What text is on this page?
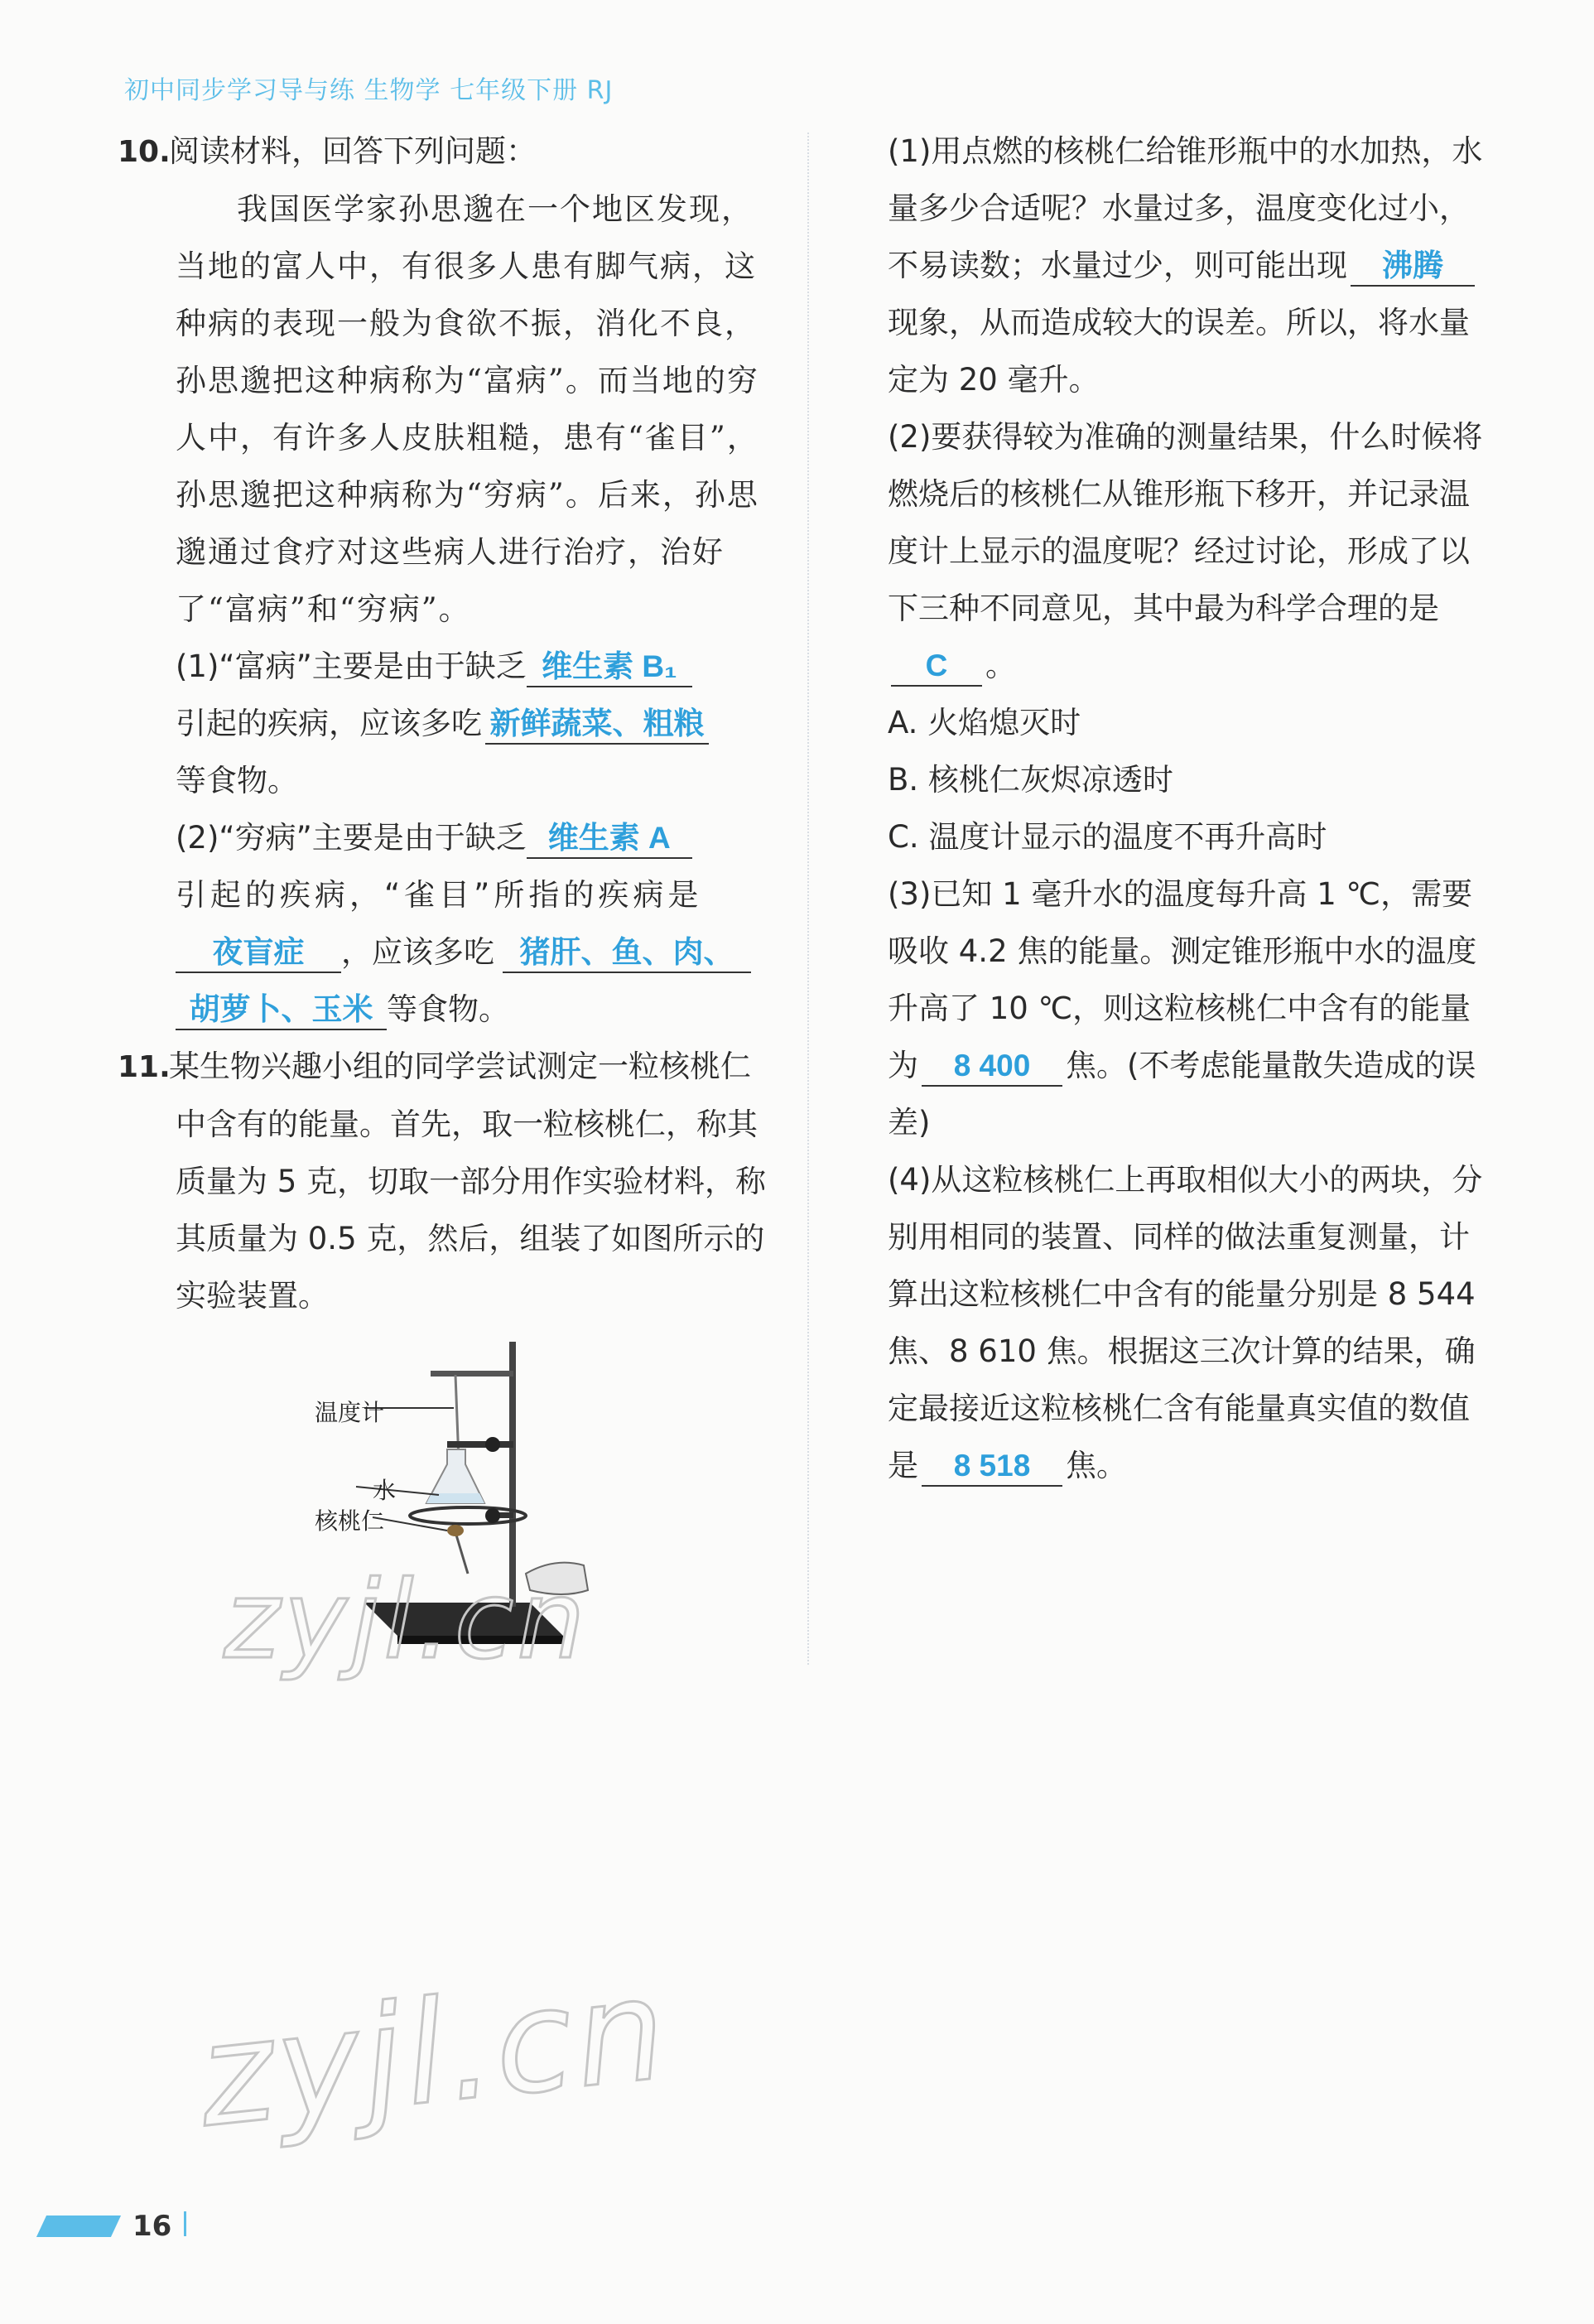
初中同步学习导与练 生物学 七年级下册 RJ

10.阅读材料，回答下列问题：

我国医学家孙思邈在一个地区发现，当地的富人中，有很多人患有脚气病，这种病的表现一般为食欲不振，消化不良，孙思邈把这种病称为“富病”。而当地的穷人中，有许多人皮肤粗糙，患有“雀目”，孙思邈把这种病称为“穷病”。后来，孙思邈通过食疗对这些病人进行治疗，治好了“富病”和“穷病”。

(1)“富病”主要是由于缺乏 维生素 B₁
引起的疾病，应该多吃 新鲜蔬菜、粗粮
等食物。

(2)“穷病”主要是由于缺乏 维生素 A
引起的疾病，“雀目”所指的疾病是
夜盲症 ，应该多吃 猪肝、鱼、肉、
胡萝卜、玉米 等食物。

11.某生物兴趣小组的同学尝试测定一粒核桃仁中含有的能量。首先，取一粒核桃仁，称其质量为 5 克，切取一部分用作实验材料，称其质量为 0.5 克，然后，组装了如图所示的实验装置。

温度计
水
核桃仁

(1)用点燃的核桃仁给锥形瓶中的水加热，水量多少合适呢？水量过多，温度变化过小，不易读数；水量过少，则可能出现 沸腾现象，从而造成较大的误差。所以，将水量定为 20 毫升。

(2)要获得较为准确的测量结果，什么时候将燃烧后的核桃仁从锥形瓶下移开，并记录温度计上显示的温度呢？经过讨论，形成了以下三种不同意见，其中最为科学合理的是C 。

A. 火焰熄灭时

B. 核桃仁灰烬凉透时

C. 温度计显示的温度不再升高时

(3)已知 1 毫升水的温度每升高 1 ℃，需要吸收 4.2 焦的能量。测定锥形瓶中水的温度升高了 10 ℃，则这粒核桃仁中含有的能量为 8 400 焦。(不考虑能量散失造成的误差)

(4)从这粒核桃仁上再取相似大小的两块，分别用相同的装置、同样的做法重复测量，计算出这粒核桃仁中含有的能量分别是 8 544 焦、8 610 焦。根据这三次计算的结果，确定最接近这粒核桃仁含有能量真实值的数值是 8 518 焦。

zyjl.cn
zyjl.cn
16
